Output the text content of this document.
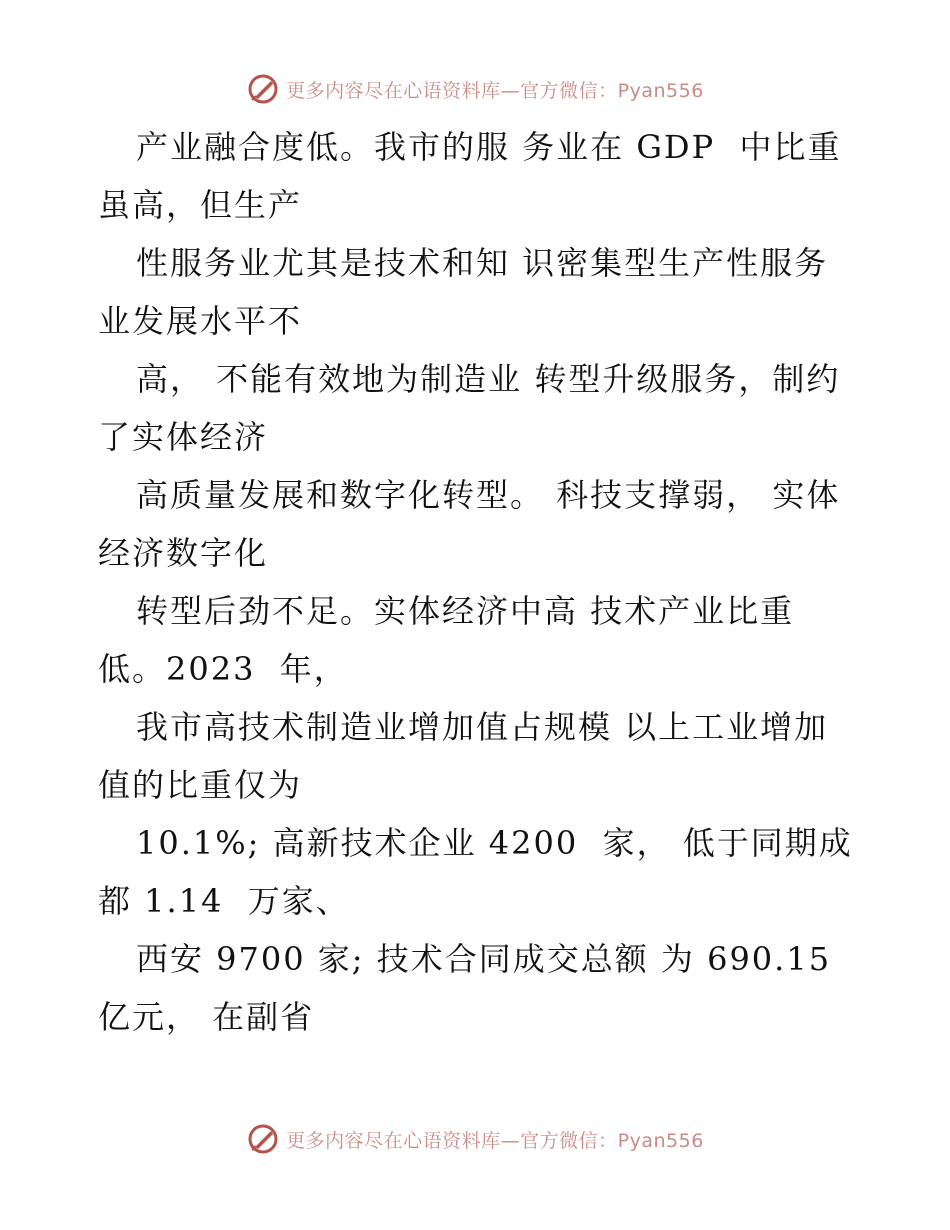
更多内容尽在心语资料库—官方微信：Pyan556
产业融合度低。我市的服 务业在 GDP  中比重
虽高，但生产
性服务业尤其是技术和知 识密集型生产性服务
业发展水平不
高， 不能有效地为制造业 转型升级服务，制约
了实体经济
高质量发展和数字化转型。 科技支撑弱， 实体
经济数字化
转型后劲不足。实体经济中高 技术产业比重
低。2023  年，
我市高技术制造业增加值占规模 以上工业增加
值的比重仅为
10.1%; 高新技术企业 4200  家， 低于同期成
都 1.14  万家、
西安 9700 家; 技术合同成交总额 为 690.15
亿元， 在副省
更多内容尽在心语资料库—官方微信：Pyan556
